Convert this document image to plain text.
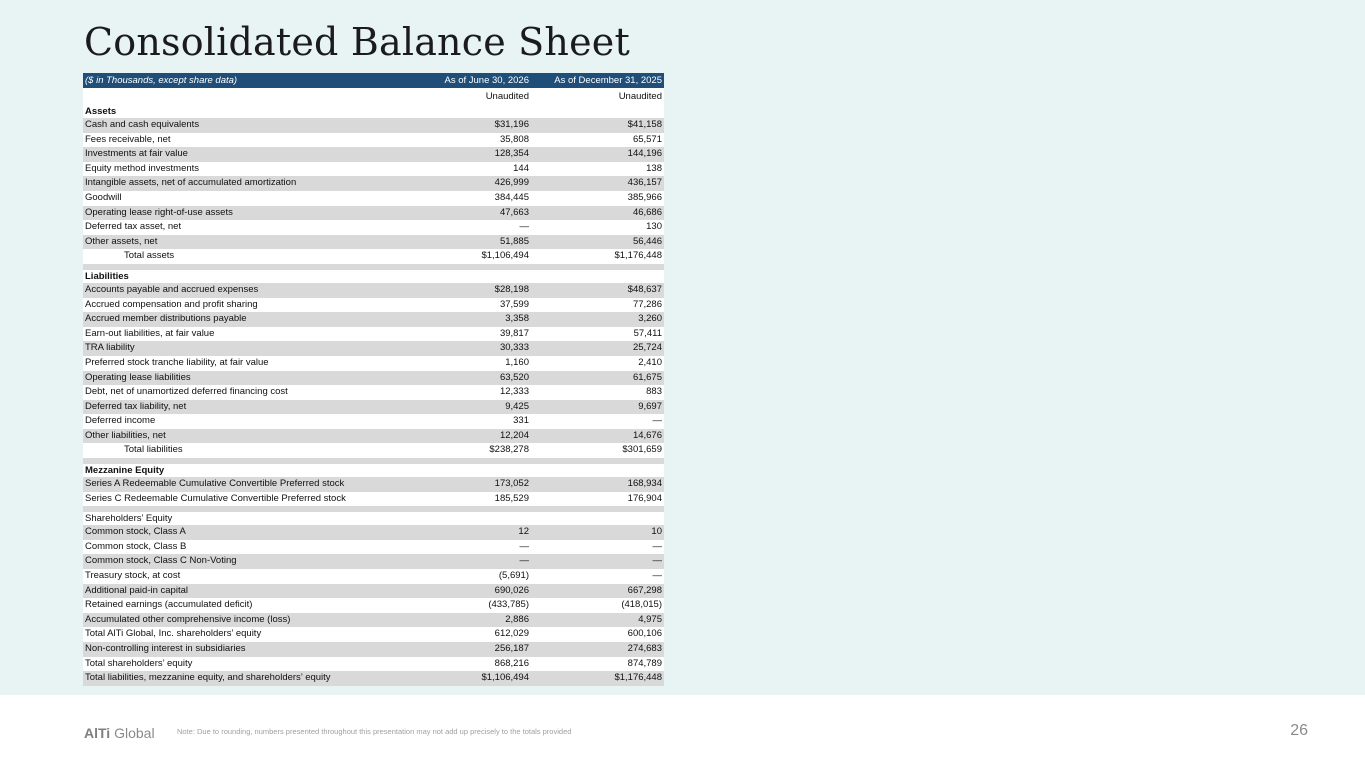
Consolidated Balance Sheet
($ in Thousands, except share data)	As of June 30, 2026	As of December 31, 2025
	Unaudited	Unaudited
Assets		
Cash and cash equivalents	$31,196	$41,158
Fees receivable, net	35,808	65,571
Investments at fair value	128,354	144,196
Equity method investments	144	138
Intangible assets, net of accumulated amortization	426,999	436,157
Goodwill	384,445	385,966
Operating lease right-of-use assets	47,663	46,686
Deferred tax asset, net	—	130
Other assets, net	51,885	56,446
Total assets	$1,106,494	$1,176,448

Liabilities		
Accounts payable and accrued expenses	$28,198	$48,637
Accrued compensation and profit sharing	37,599	77,286
Accrued member distributions payable	3,358	3,260
Earn-out liabilities, at fair value	39,817	57,411
TRA liability	30,333	25,724
Preferred stock tranche liability, at fair value	1,160	2,410
Operating lease liabilities	63,520	61,675
Debt, net of unamortized deferred financing cost	12,333	883
Deferred tax liability, net	9,425	9,697
Deferred income	331	—
Other liabilities, net	12,204	14,676
Total liabilities	$238,278	$301,659

Mezzanine Equity		
Series A Redeemable Cumulative Convertible Preferred stock	173,052	168,934
Series C Redeemable Cumulative Convertible Preferred stock	185,529	176,904

Shareholders’ Equity		
Common stock, Class A	12	10
Common stock, Class B	—	—
Common stock, Class C Non-Voting	—	—
Treasury stock, at cost	(5,691)	—
Additional paid-in capital	690,026	667,298
Retained earnings (accumulated deficit)	(433,785)	(418,015)
Accumulated other comprehensive income (loss)	2,886	4,975
Total AlTi Global, Inc. shareholders’ equity	612,029	600,106
Non-controlling interest in subsidiaries	256,187	274,683
Total shareholders’ equity	868,216	874,789
Total liabilities, mezzanine equity, and shareholders’ equity	$1,106,494	$1,176,448
AlTi Global	Note: Due to rounding, numbers presented throughout this presentation may not add up precisely to the totals provided	26
